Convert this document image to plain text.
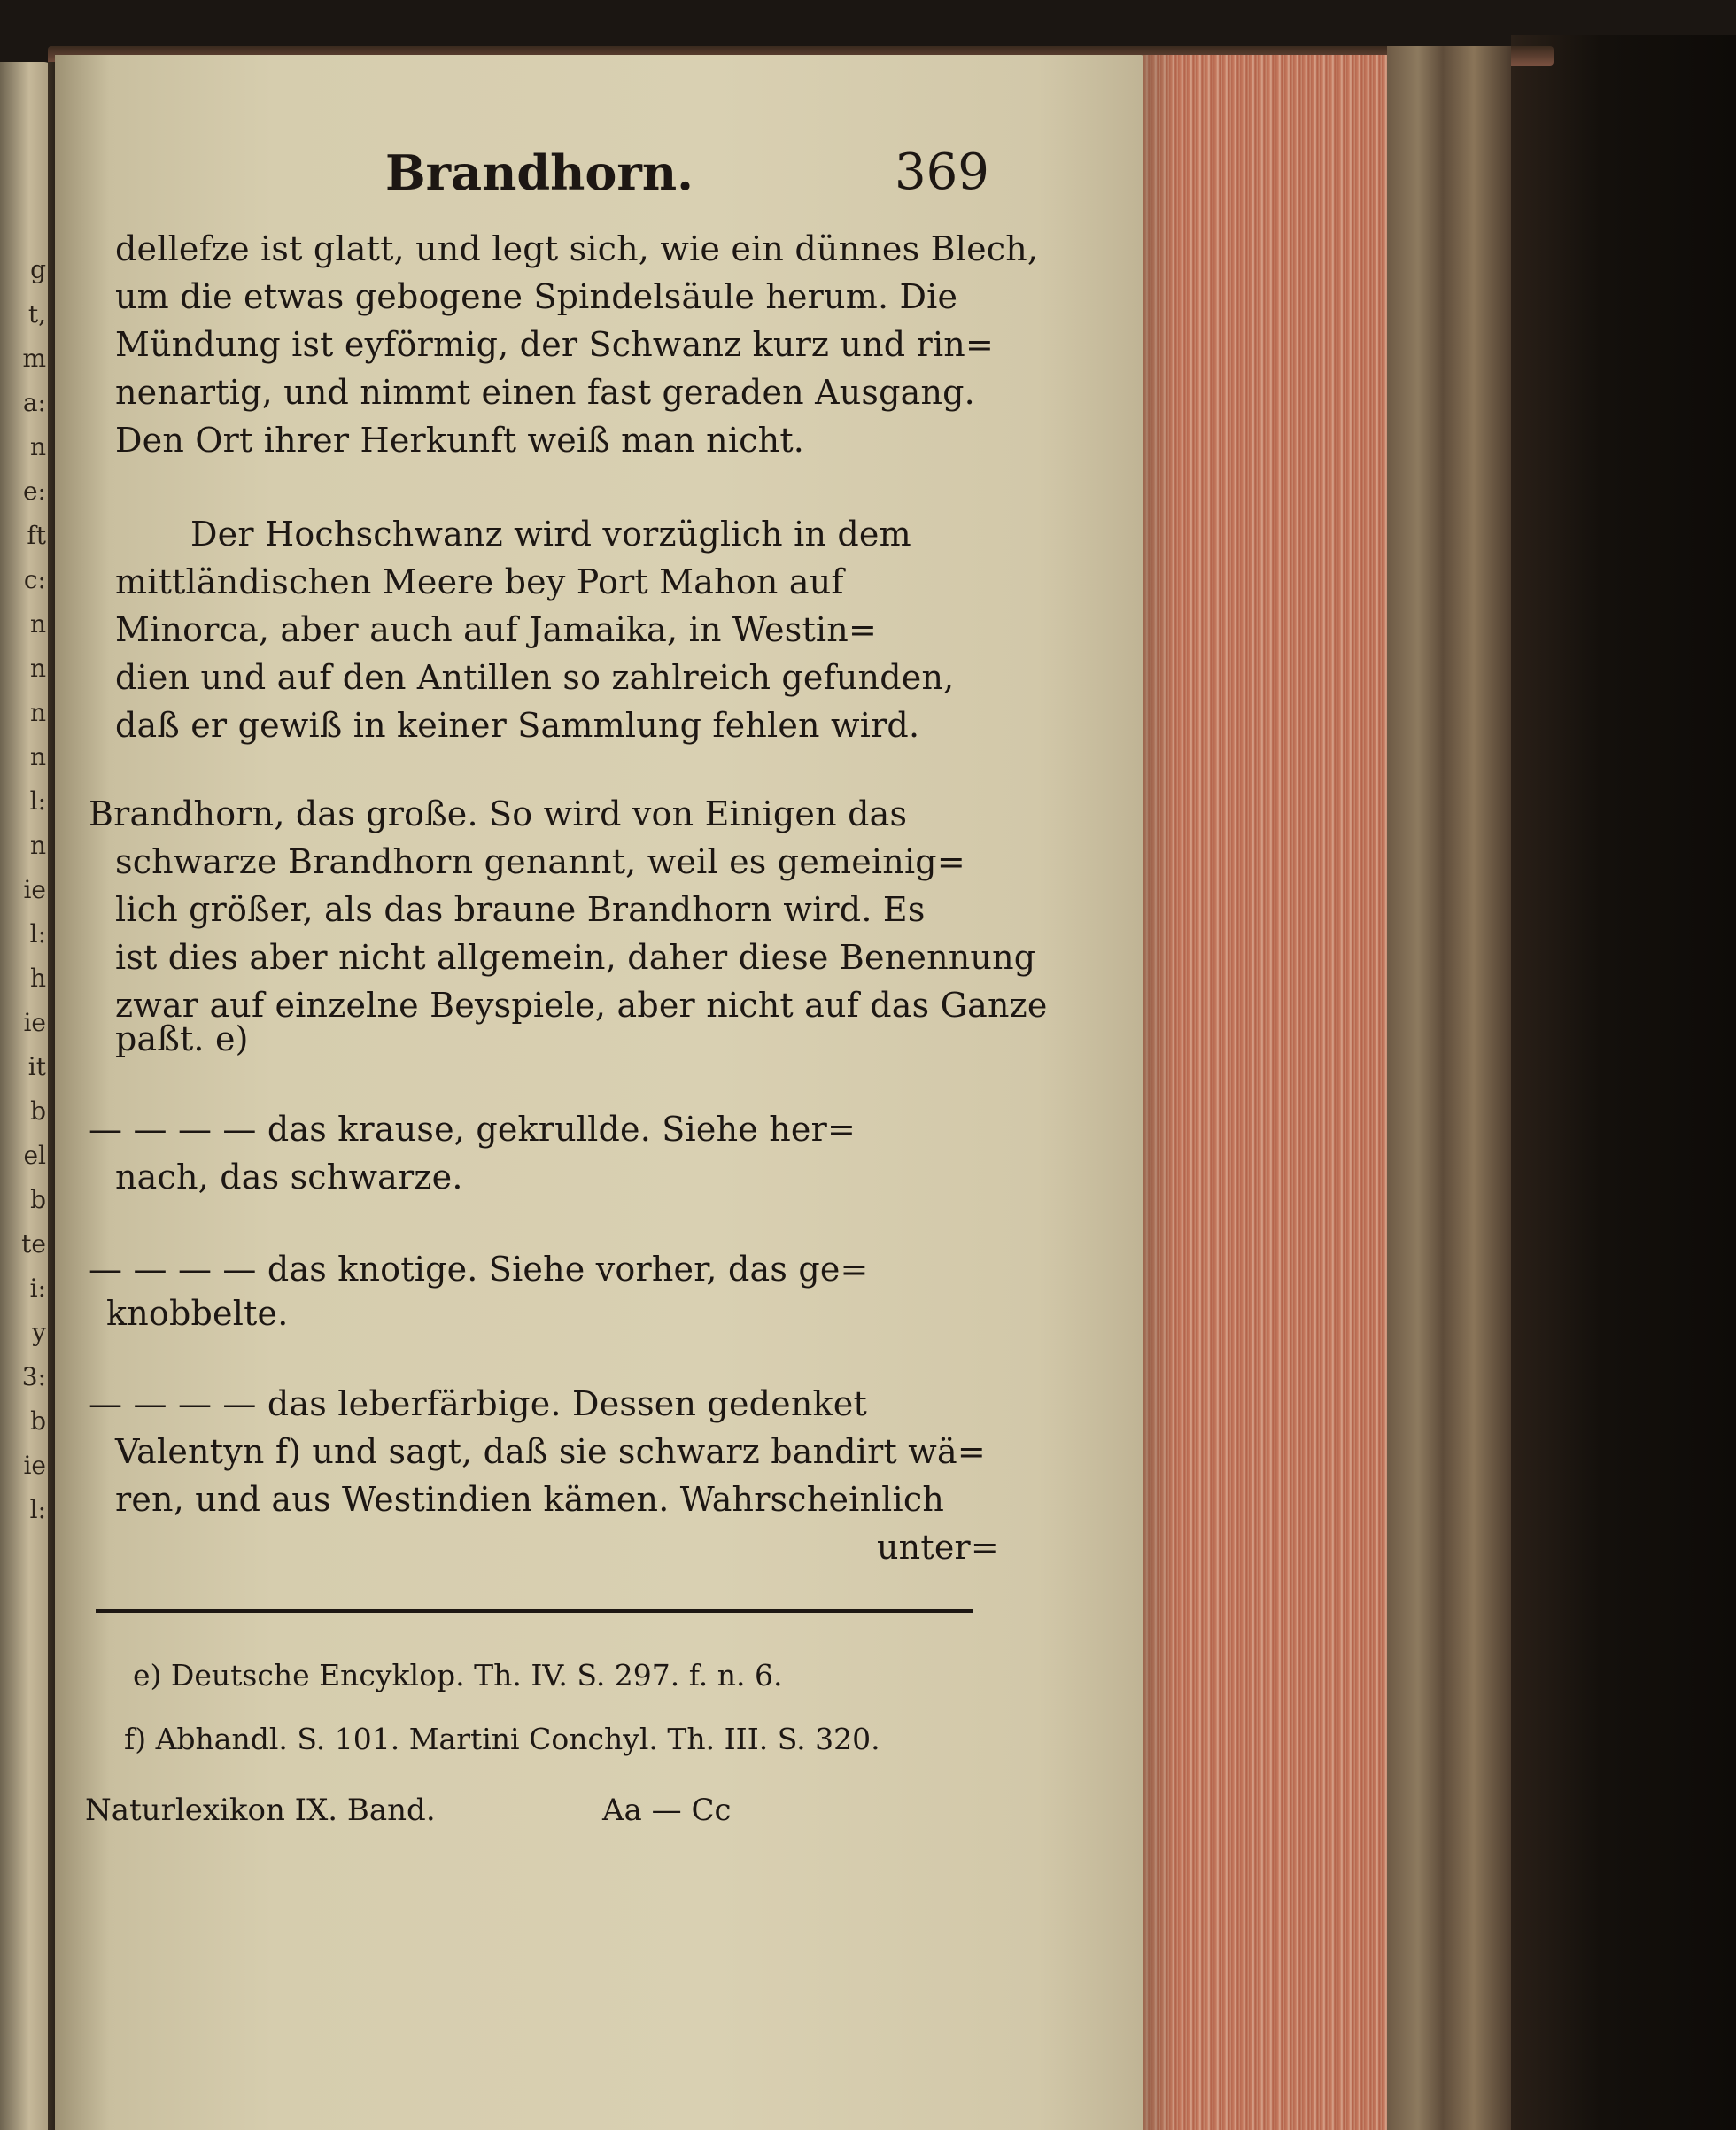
g
t,
m
a:
n
e:
ft
c:
n
n
n
n
l:
n
ie
l:
h
ie
it
b
el
b
te
i:
y
3:
b
ie
l:
Brandhorn.	369
dellefze ist glatt, und legt sich, wie ein dünnes Blech,
um die etwas gebogene Spindelsäule herum. Die
Mündung ist eyförmig, der Schwanz kurz und rin=
nenartig, und nimmt einen fast geraden Ausgang.
Den Ort ihrer Herkunft weiß man nicht.
Der Hochschwanz wird vorzüglich in dem
mittländischen Meere bey Port Mahon auf
Minorca, aber auch auf Jamaika, in Westin=
dien und auf den Antillen so zahlreich gefunden,
daß er gewiß in keiner Sammlung fehlen wird.
Brandhorn, das große. So wird von Einigen das
schwarze Brandhorn genannt, weil es gemeinig=
lich größer, als das braune Brandhorn wird. Es
ist dies aber nicht allgemein, daher diese Benennung
zwar auf einzelne Beyspiele, aber nicht auf das Ganze
paßt. e)
— — — — das krause, gekrullde. Siehe her=
nach, das schwarze.
— — — — das knotige. Siehe vorher, das ge=
knobbelte.
— — — — das leberfärbige. Dessen gedenket
Valentyn f) und sagt, daß sie schwarz bandirt wä=
ren, und aus Westindien kämen. Wahrscheinlich
unter=
e) Deutsche Encyklop. Th. IV. S. 297. f. n. 6.
f) Abhandl. S. 101. Martini Conchyl. Th. III. S. 320.
Naturlexikon IX. Band.	Aa — Cc
